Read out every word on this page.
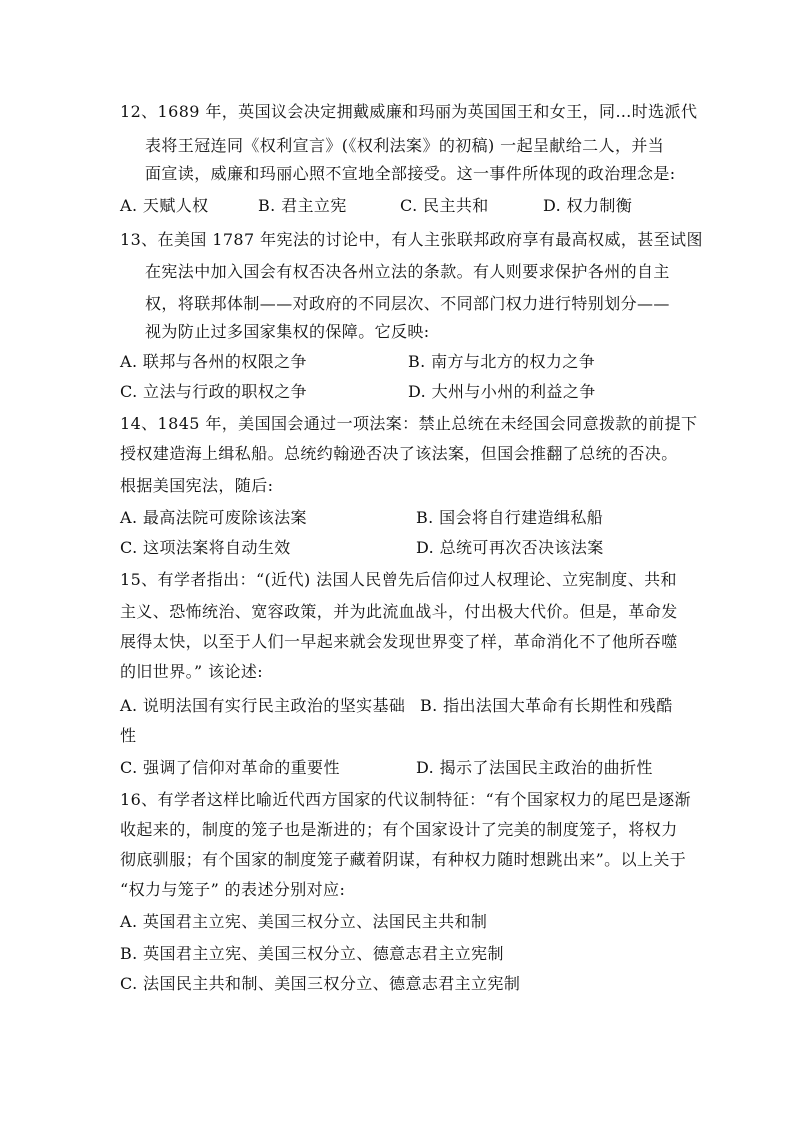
12、1689 年，英国议会决定拥戴威廉和玛丽为英国国王和女王，同…时选派代
表将王冠连同《权利宣言》(《权利法案》的初稿) 一起呈献给二人，并当
面宣读，威廉和玛丽心照不宣地全部接受。这一事件所体现的政治理念是:
A. 天赋人权	B. 君主立宪	C. 民主共和	D. 权力制衡
13、在美国 1787 年宪法的讨论中，有人主张联邦政府享有最高权威，甚至试图
在宪法中加入国会有权否决各州立法的条款。有人则要求保护各州的自主
权，将联邦体制——对政府的不同层次、不同部门权力进行特别划分——
视为防止过多国家集权的保障。它反映:
A. 联邦与各州的权限之争	B. 南方与北方的权力之争
C. 立法与行政的职权之争	D. 大州与小州的利益之争
14、1845 年，美国国会通过一项法案：禁止总统在未经国会同意拨款的前提下
授权建造海上缉私船。总统约翰逊否决了该法案，但国会推翻了总统的否决。
根据美国宪法，随后:
A. 最高法院可废除该法案	B. 国会将自行建造缉私船
C. 这项法案将自动生效	D. 总统可再次否决该法案
15、有学者指出：“(近代) 法国人民曾先后信仰过人权理论、立宪制度、共和
主义、恐怖统治、宽容政策，并为此流血战斗，付出极大代价。但是，革命发
展得太快，以至于人们一早起来就会发现世界变了样，革命消化不了他所吞噬
的旧世界。” 该论述:
A. 说明法国有实行民主政治的坚实基础 B. 指出法国大革命有长期性和残酷
性
C. 强调了信仰对革命的重要性	D. 揭示了法国民主政治的曲折性
16、有学者这样比喻近代西方国家的代议制特征：“有个国家权力的尾巴是逐渐
收起来的，制度的笼子也是渐进的；有个国家设计了完美的制度笼子，将权力
彻底驯服；有个国家的制度笼子藏着阴谋，有种权力随时想跳出来”。以上关于
“权力与笼子” 的表述分别对应:
A. 英国君主立宪、美国三权分立、法国民主共和制
B. 英国君主立宪、美国三权分立、德意志君主立宪制
C. 法国民主共和制、美国三权分立、德意志君主立宪制
